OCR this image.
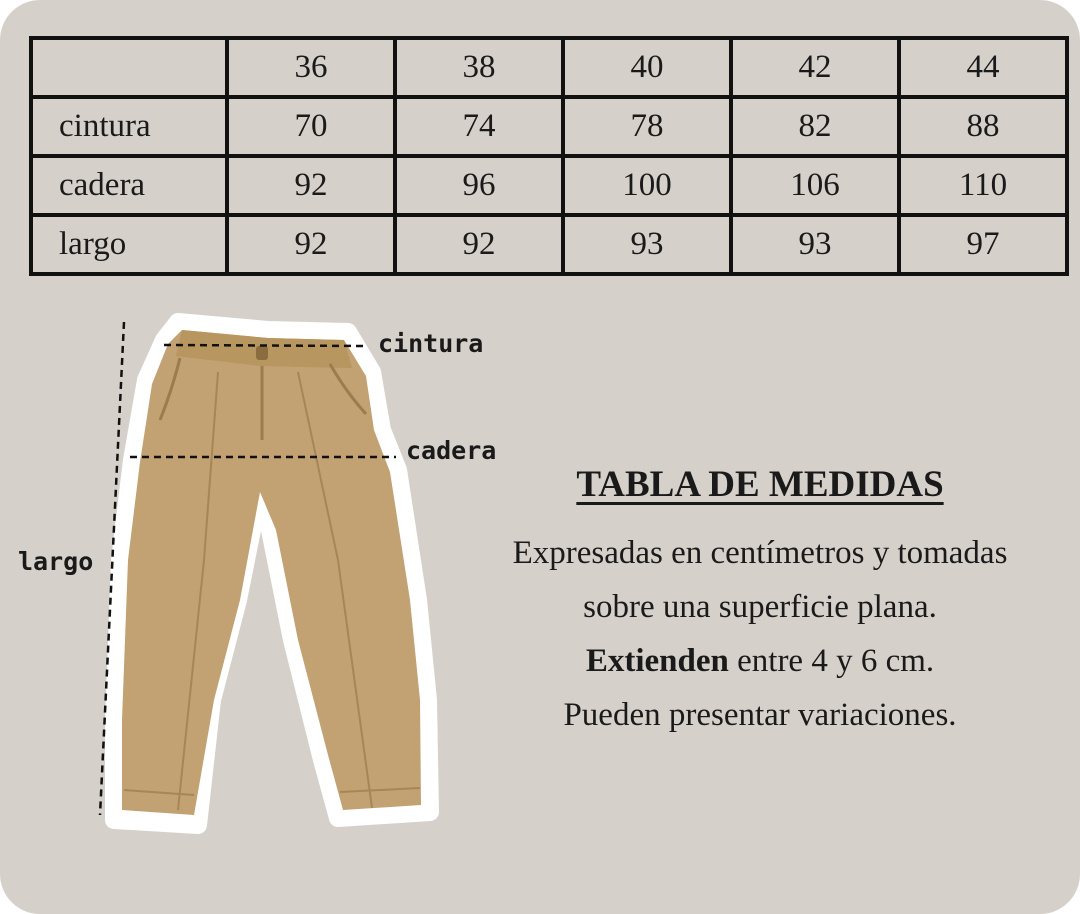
	36	38	40	42	44
cintura	70	74	78	82	88
cadera	92	96	100	106	110
largo	92	92	93	93	97
cintura
cadera
largo

TABLA DE MEDIDAS

Expresadas en centímetros y tomadas

sobre una superficie plana.

Extienden entre 4 y 6 cm.

Pueden presentar variaciones.
